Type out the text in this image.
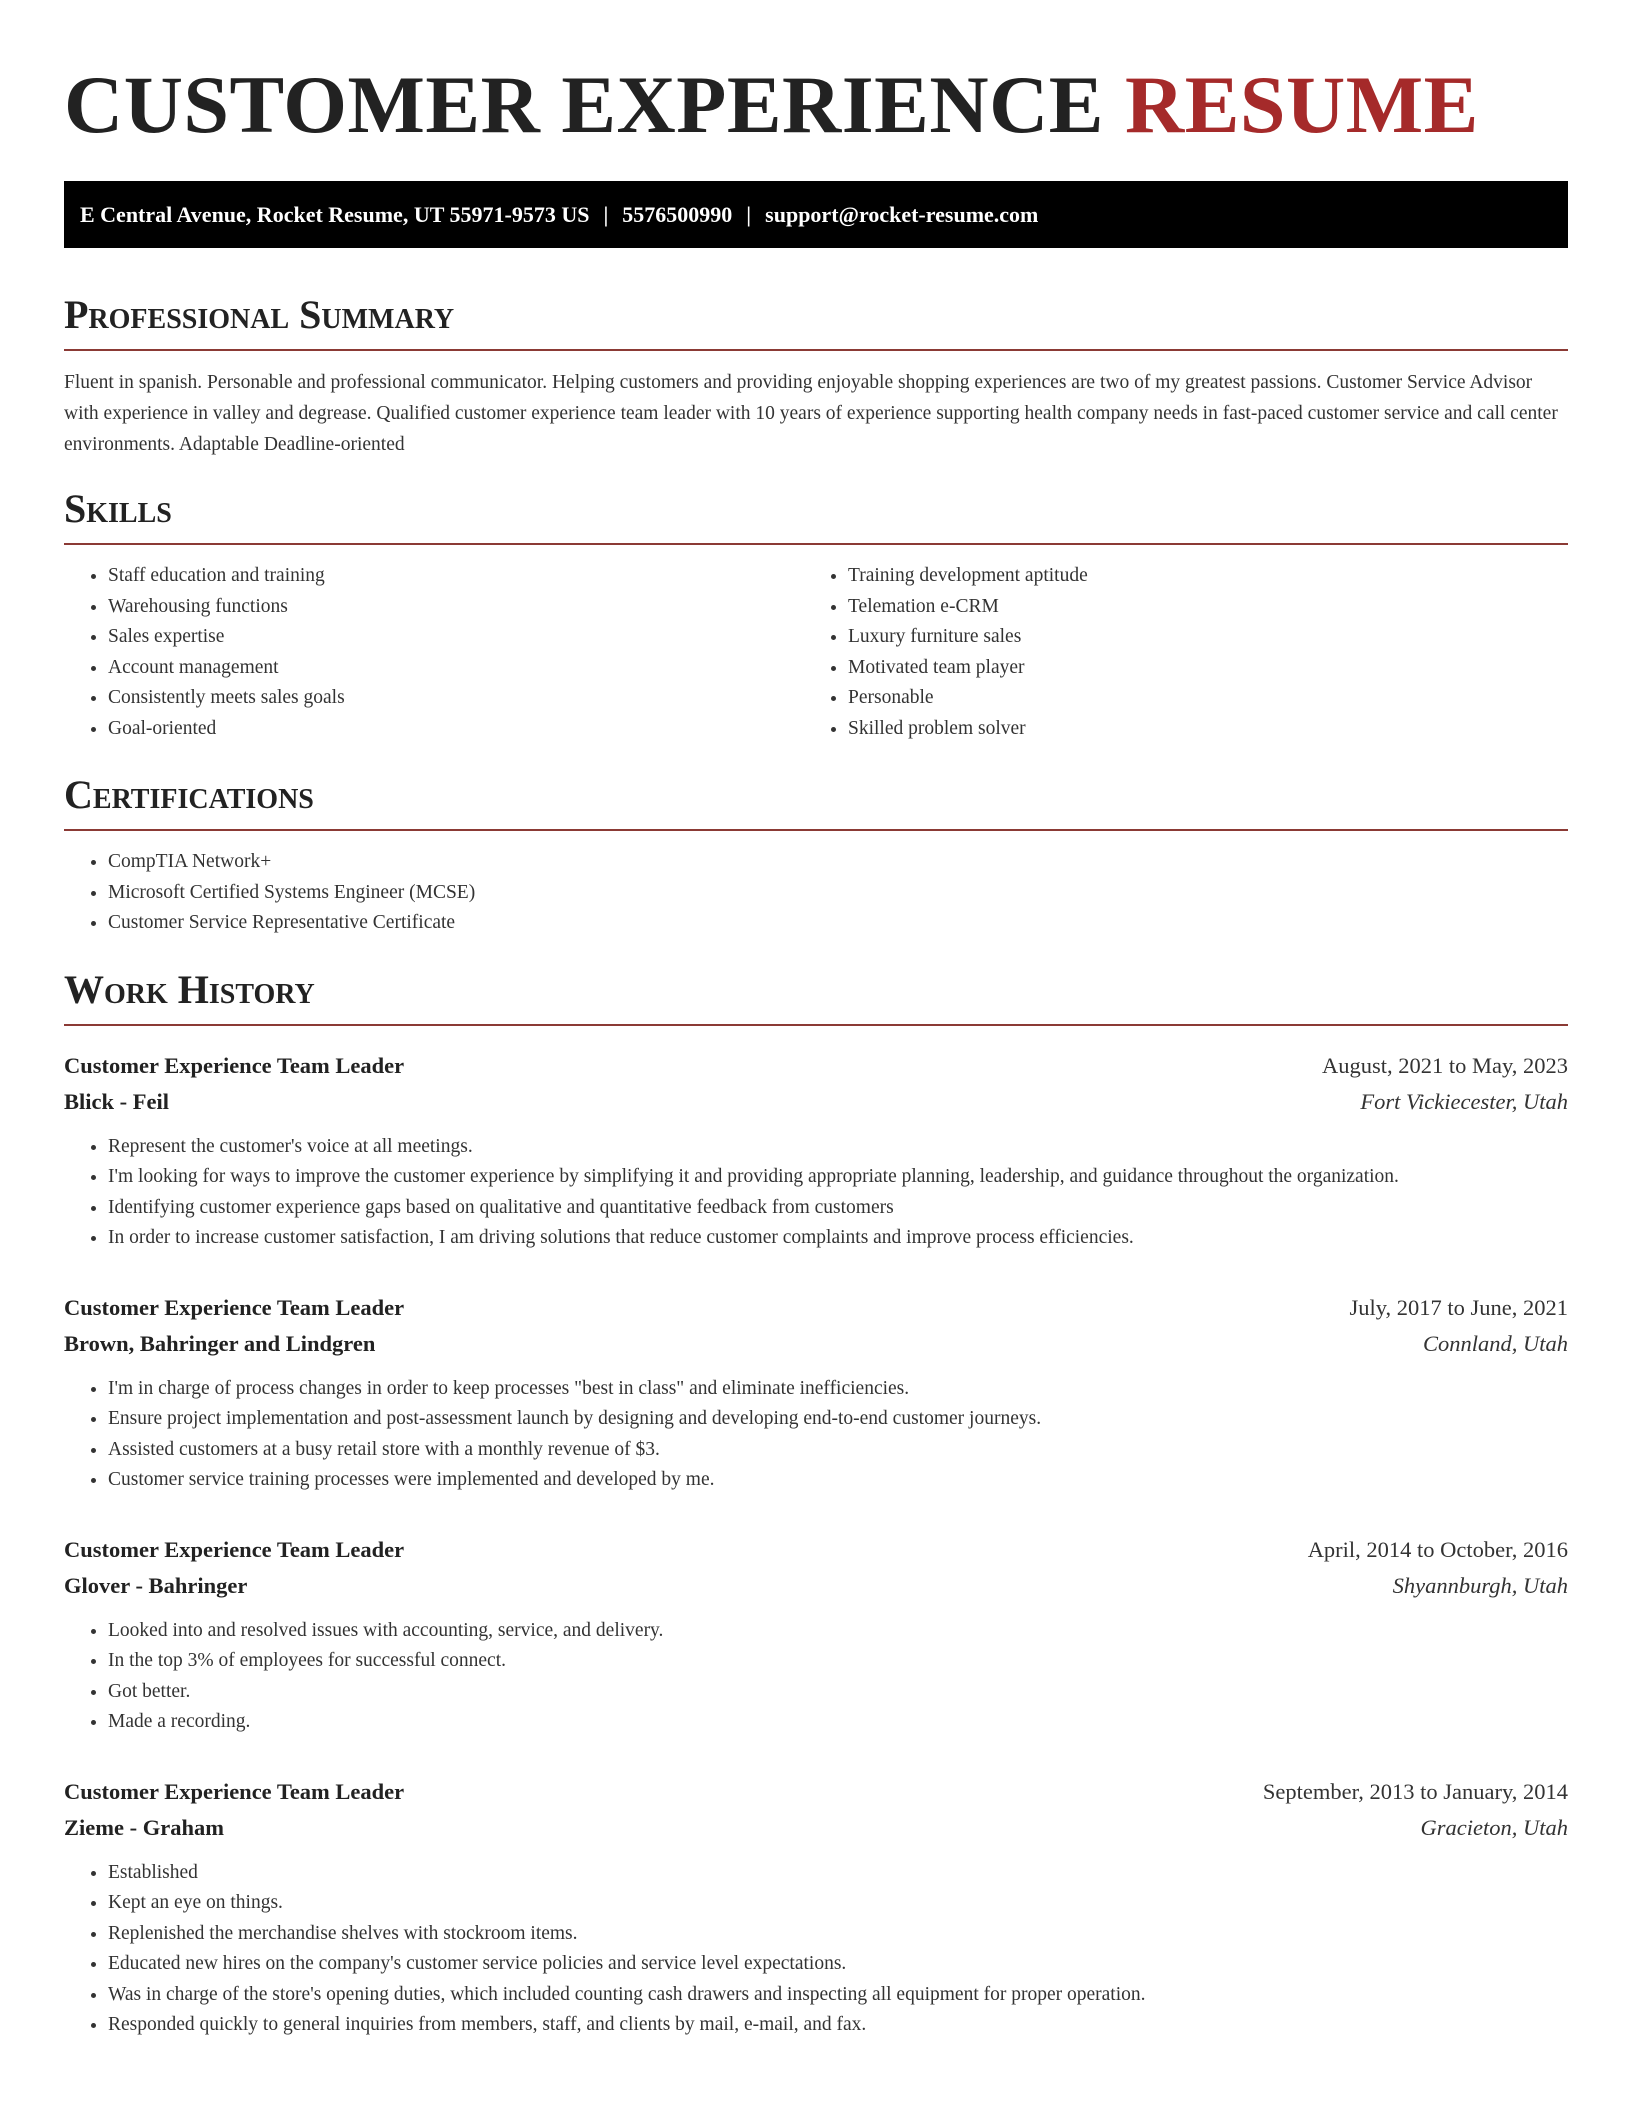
CUSTOMER EXPERIENCE RESUME
E Central Avenue, Rocket Resume, UT 55971-9573 US | 5576500990 | support@rocket-resume.com
Professional Summary

Fluent in spanish. Personable and professional communicator. Helping customers and providing enjoyable shopping experiences are two of my greatest passions. Customer Service Advisor with experience in valley and degrease. Qualified customer experience team leader with 10 years of experience supporting health company needs in fast-paced customer service and call center environments. Adaptable Deadline-oriented

Skills
• Staff education and training
• Warehousing functions
• Sales expertise
• Account management
• Consistently meets sales goals
• Goal-oriented
• Training development aptitude
• Telemation e-CRM
• Luxury furniture sales
• Motivated team player
• Personable
• Skilled problem solver
Certifications
• CompTIA Network+
• Microsoft Certified Systems Engineer (MCSE)
• Customer Service Representative Certificate
Work History
Customer Experience Team Leader	August, 2021 to May, 2023
Blick - Feil	Fort Vickiecester, Utah
• Represent the customer's voice at all meetings.
• I'm looking for ways to improve the customer experience by simplifying it and providing appropriate planning, leadership, and guidance throughout the organization.
• Identifying customer experience gaps based on qualitative and quantitative feedback from customers
• In order to increase customer satisfaction, I am driving solutions that reduce customer complaints and improve process efficiencies.
Customer Experience Team Leader	July, 2017 to June, 2021
Brown, Bahringer and Lindgren	Connland, Utah
• I'm in charge of process changes in order to keep processes "best in class" and eliminate inefficiencies.
• Ensure project implementation and post-assessment launch by designing and developing end-to-end customer journeys.
• Assisted customers at a busy retail store with a monthly revenue of $3.
• Customer service training processes were implemented and developed by me.
Customer Experience Team Leader	April, 2014 to October, 2016
Glover - Bahringer	Shyannburgh, Utah
• Looked into and resolved issues with accounting, service, and delivery.
• In the top 3% of employees for successful connect.
• Got better.
• Made a recording.
Customer Experience Team Leader	September, 2013 to January, 2014
Zieme - Graham	Gracieton, Utah
• Established
• Kept an eye on things.
• Replenished the merchandise shelves with stockroom items.
• Educated new hires on the company's customer service policies and service level expectations.
• Was in charge of the store's opening duties, which included counting cash drawers and inspecting all equipment for proper operation.
• Responded quickly to general inquiries from members, staff, and clients by mail, e-mail, and fax.
